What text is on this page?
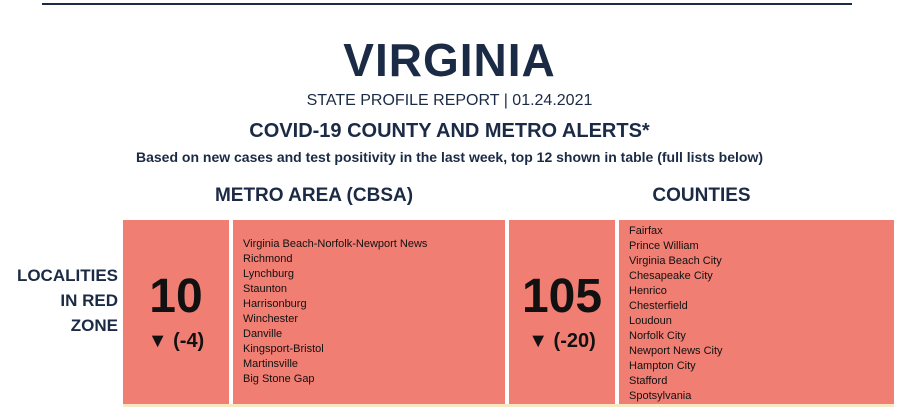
VIRGINIA
STATE PROFILE REPORT | 01.24.2021
COVID-19 COUNTY AND METRO ALERTS*
Based on new cases and test positivity in the last week, top 12 shown in table (full lists below)
METRO AREA (CBSA)	COUNTIES
LOCALITIES
IN RED
ZONE
10
▼ (-4)
Virginia Beach-Norfolk-Newport News
Richmond
Lynchburg
Staunton
Harrisonburg
Winchester
Danville
Kingsport-Bristol
Martinsville
Big Stone Gap
105
▼ (-20)
Fairfax
Prince William
Virginia Beach City
Chesapeake City
Henrico
Chesterfield
Loudoun
Norfolk City
Newport News City
Hampton City
Stafford
Spotsylvania
